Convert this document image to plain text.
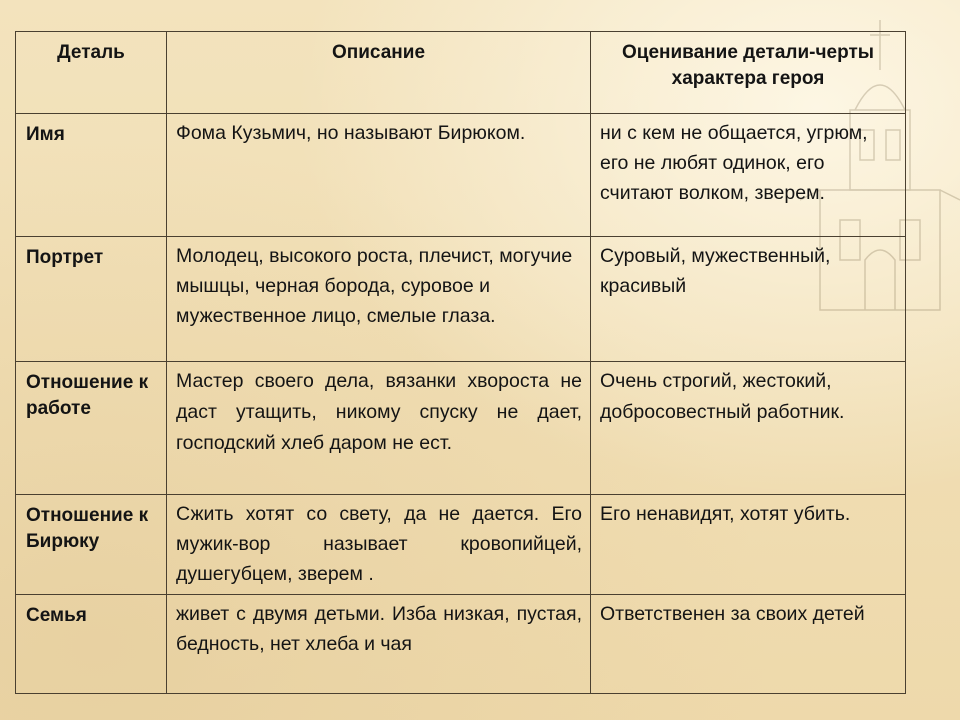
Деталь	Описание	Оценивание детали-черты характера героя
Имя	Фома Кузьмич, но называют Бирюком.	ни с кем не общается, угрюм, его не любят одинок, его считают волком, зверем.
Портрет	Молодец, высокого роста, плечист, могучие мышцы, черная борода, суровое и мужественное лицо, смелые глаза.	Суровый, мужественный, красивый
Отношение к работе	Мастер своего дела, вязанки хвороста не даст утащить, никому спуску не дает, господский хлеб даром не ест.	Очень строгий, жестокий, добросовестный работник.
Отношение к Бирюку	Сжить хотят со свету, да не дается. Его мужик-вор называет кровопийцей, душегубцем, зверем .	Его ненавидят, хотят убить.
Семья	живет с двумя детьми. Изба низкая, пустая, бедность, нет хлеба и чая	Ответственен за своих детей
